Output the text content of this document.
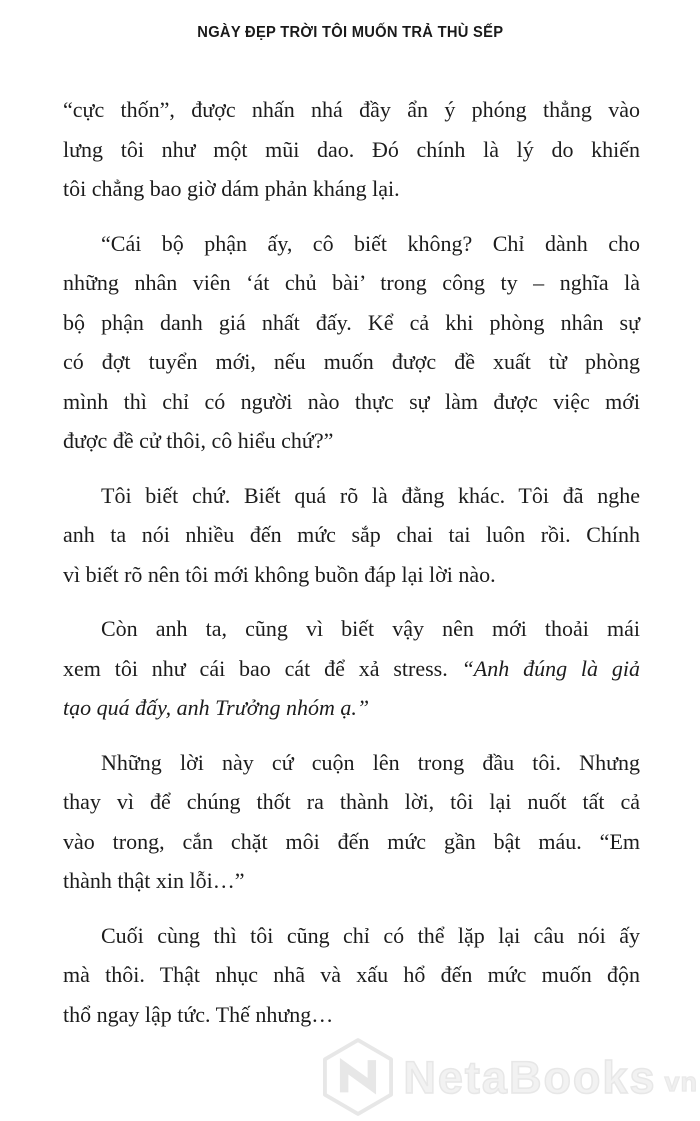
NGÀY ĐẸP TRỜI TÔI MUỐN TRẢ THÙ SẾP
“cực thốn”, được nhấn nhá đầy ẩn ý phóng thẳng vào
lưng tôi như một mũi dao. Đó chính là lý do khiến
tôi chẳng bao giờ dám phản kháng lại.
“Cái bộ phận ấy, cô biết không? Chỉ dành cho
những nhân viên ‘át chủ bài’ trong công ty – nghĩa là
bộ phận danh giá nhất đấy. Kể cả khi phòng nhân sự
có đợt tuyển mới, nếu muốn được đề xuất từ phòng
mình thì chỉ có người nào thực sự làm được việc mới
được đề cử thôi, cô hiểu chứ?”
Tôi biết chứ. Biết quá rõ là đằng khác. Tôi đã nghe
anh ta nói nhiều đến mức sắp chai tai luôn rồi. Chính
vì biết rõ nên tôi mới không buồn đáp lại lời nào.
Còn anh ta, cũng vì biết vậy nên mới thoải mái
xem tôi như cái bao cát để xả stress. “Anh đúng là giả
tạo quá đấy, anh Trưởng nhóm ạ.”
Những lời này cứ cuộn lên trong đầu tôi. Nhưng
thay vì để chúng thốt ra thành lời, tôi lại nuốt tất cả
vào trong, cắn chặt môi đến mức gần bật máu. “Em
thành thật xin lỗi…”
Cuối cùng thì tôi cũng chỉ có thể lặp lại câu nói ấy
mà thôi. Thật nhục nhã và xấu hổ đến mức muốn độn
thổ ngay lập tức. Thế nhưng…
NetaBooks vn
